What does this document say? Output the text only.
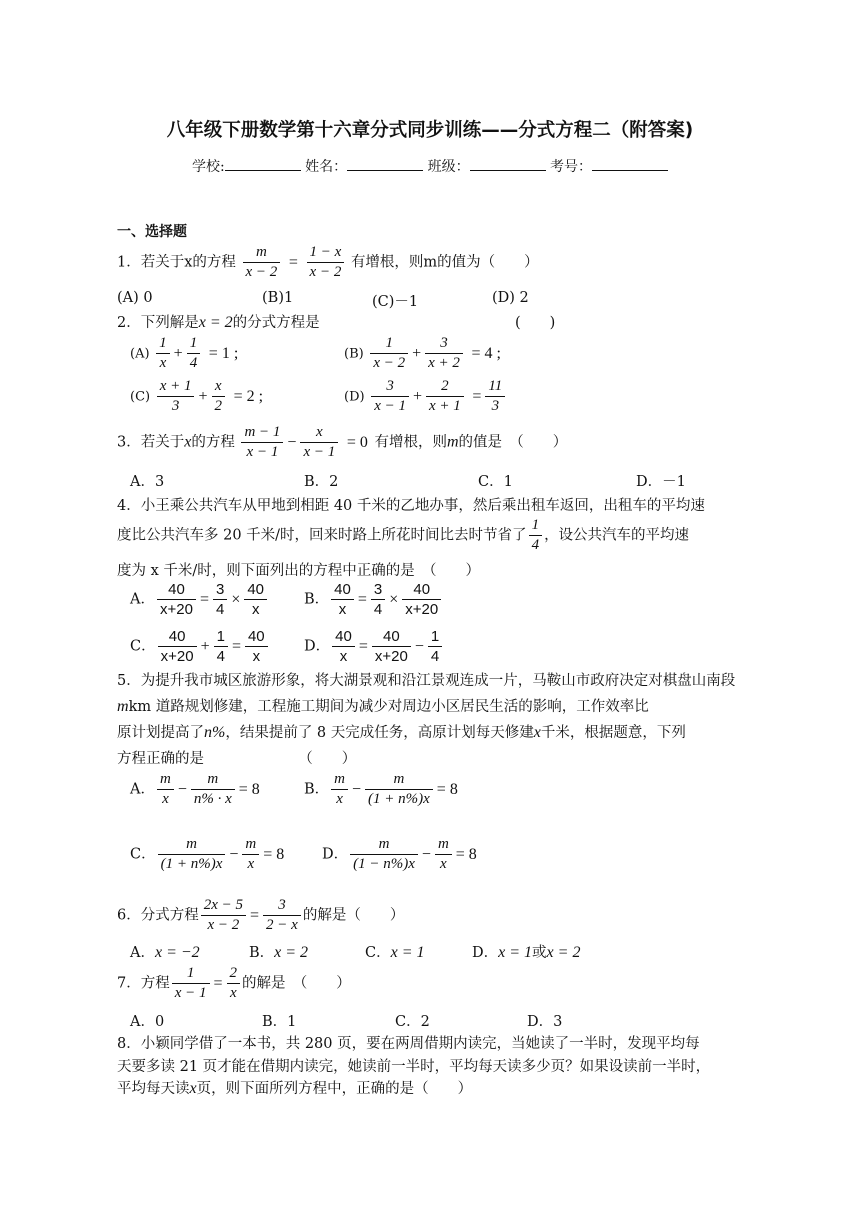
八年级下册数学第十六章分式同步训练——分式方程二（附答案)
学校:	姓名：	班级：	考号：
一、选择题
1．若关于x的方程 $\frac{m}{x - 2} = \frac{1 - x}{x - 2}$ 有增根，则m的值为（　　）
(A) 0	(B)1	(C)－1	(D) 2
2．下列解是x = 2的分式方程是	(　　)
$(A) \frac{1}{x} + \frac{1}{4} = 1$ ;	$(B) \frac{1}{x - 2} + \frac{3}{x + 2} = 4$ ;
$(C) \frac{x + 1}{3} + \frac{x}{2} = 2$ ;	$(D) \frac{3}{x - 1} + \frac{2}{x + 1} = \frac{11}{3}$
3．若关于x的方程 $\frac{m - 1}{x - 1} - \frac{x}{x - 1} = 0$ 有增根，则m的值是　（　　）
A．3	B．2	C．1	D．－1
4．小王乘公共汽车从甲地到相距 40 千米的乙地办事，然后乘出租车返回，出租车的平均速
度比公共汽车多 20 千米/时，回来时路上所花时间比去时节省了 $\frac{1}{4}$ ，设公共汽车的平均速
度为 x 千米/时，则下面列出的方程中正确的是　（　　）
A． $\frac{40}{x+20} = \frac{3}{4} \times \frac{40}{x}$	B． $\frac{40}{x} = \frac{3}{4} \times \frac{40}{x+20}$
C． $\frac{40}{x+20} + \frac{1}{4} = \frac{40}{x}$	D． $\frac{40}{x} = \frac{40}{x+20} - \frac{1}{4}$
5．为提升我市城区旅游形象，将大湖景观和沿江景观连成一片，马鞍山市政府决定对棋盘山南段mkm 道路规划修建，工程施工期间为减少对周边小区居民生活的影响，工作效率比
原计划提高了n%，结果提前了 8 天完成任务，高原计划每天修建x千米，根据题意，下列
方程正确的是　　　　　　　（　　）
A． $\frac{m}{x} - \frac{m}{n\% \cdot x} = 8$	B． $\frac{m}{x} - \frac{m}{(1 + n\%)x} = 8$
C． $\frac{m}{(1 + n\%)x} - \frac{m}{x} = 8$	D． $\frac{m}{(1 - n\%)x} - \frac{m}{x} = 8$
6．分式方程 $\frac{2x - 5}{x - 2} = \frac{3}{2 - x}$ 的解是（　　）
A．x = −2	B．x = 2	C．x = 1	D．x = 1或x = 2
7．方程 $\frac{1}{x - 1} = \frac{2}{x}$ 的解是　（　　）
A．0	B．1	C．2	D．3
8．小颖同学借了一本书，共 280 页，要在两周借期内读完，当她读了一半时，发现平均每
天要多读 21 页才能在借期内读完，她读前一半时，平均每天读多少页？如果设读前一半时，
平均每天读x页，则下面所列方程中，正确的是（　　）
